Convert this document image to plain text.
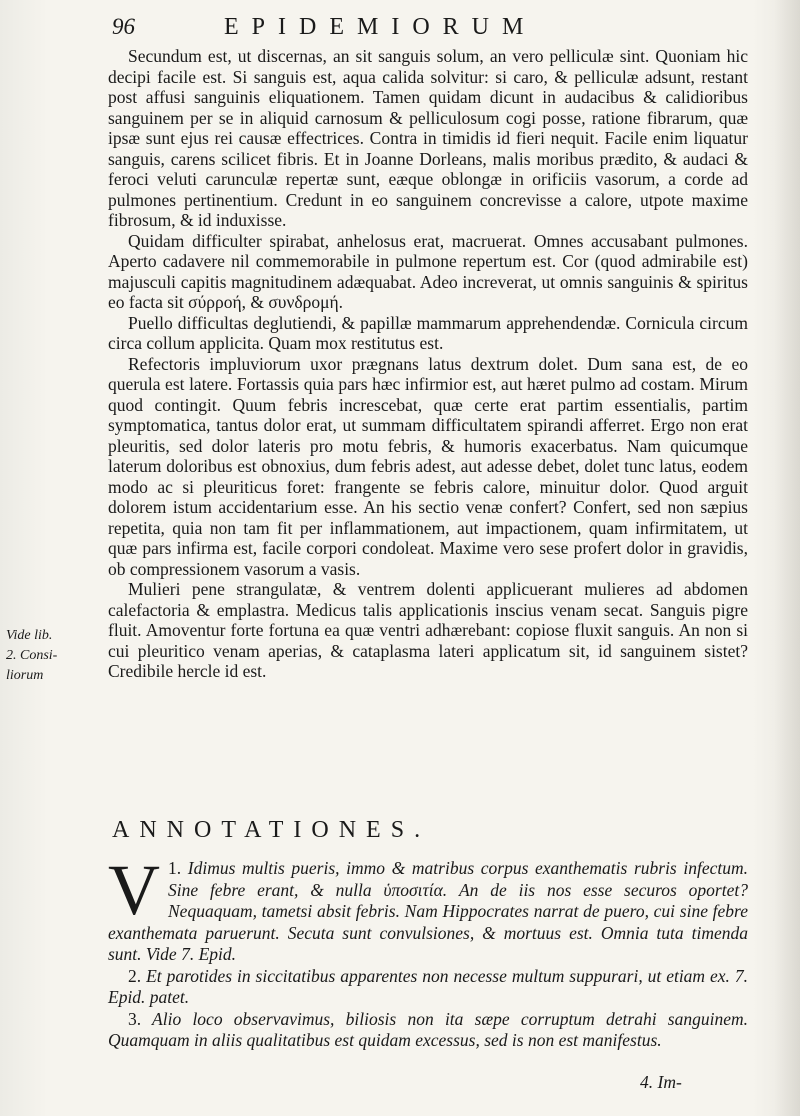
96	EPIDEMIORUM
Vide lib.
2. Consi-
liorum

Secundum est, ut discernas, an sit sanguis solum, an vero pelliculæ sint. Quoniam hic decipi facile est. Si sanguis est, aqua calida solvitur: si caro, & pelliculæ adsunt, restant post affusi sanguinis eliquationem. Tamen quidam dicunt in audacibus & calidioribus sanguinem per se in aliquid carnosum & pelliculosum cogi posse, ratione fibrarum, quæ ipsæ sunt ejus rei causæ effectrices. Contra in timidis id fieri nequit. Facile enim liquatur sanguis, carens scilicet fibris. Et in Joanne Dorleans, malis moribus prædito, & audaci & feroci veluti carunculæ repertæ sunt, eæque oblongæ in orificiis vasorum, a corde ad pulmones pertinentium. Credunt in eo sanguinem concrevisse a calore, utpote maxime fibrosum, & id induxisse.

Quidam difficulter spirabat, anhelosus erat, macruerat. Omnes accusabant pulmones. Aperto cadavere nil commemorabile in pulmone repertum est. Cor (quod admirabile est) majusculi capitis magnitudinem adæquabat. Adeo increverat, ut omnis sanguinis & spiritus eo facta sit σύρροή, & συνδρομή.

Puello difficultas deglutiendi, & papillæ mammarum apprehendendæ. Cornicula circum circa collum applicita. Quam mox restitutus est.

Refectoris impluviorum uxor prægnans latus dextrum dolet. Dum sana est, de eo querula est latere. Fortassis quia pars hæc infirmior est, aut hæret pulmo ad costam. Mirum quod contingit. Quum febris increscebat, quæ certe erat partim essentialis, partim symptomatica, tantus dolor erat, ut summam difficultatem spirandi afferret. Ergo non erat pleuritis, sed dolor lateris pro motu febris, & humoris exacerbatus. Nam quicumque laterum doloribus est obnoxius, dum febris adest, aut adesse debet, dolet tunc latus, eodem modo ac si pleuriticus foret: frangente se febris calore, minuitur dolor. Quod arguit dolorem istum accidentarium esse. An his sectio venæ confert? Confert, sed non sæpius repetita, quia non tam fit per inflammationem, aut impactionem, quam infirmitatem, ut quæ pars infirma est, facile corpori condoleat. Maxime vero sese profert dolor in gravidis, ob compressionem vasorum a vasis.

Mulieri pene strangulatæ, & ventrem dolenti applicuerant mulieres ad abdomen calefactoria & emplastra. Medicus talis applicationis inscius venam secat. Sanguis pigre fluit. Amoventur forte fortuna ea quæ ventri adhærebant: copiose fluxit sanguis. An non si cui pleuritico venam aperias, & cataplasma lateri applicatum sit, id sanguinem sistet? Credibile hercle id est.

ANNOTATIONES.

1.
V Idimus multis pueris, immo & matribus corpus exanthematis rubris infectum. Sine febre erant, & nulla ὑποσιτία. An de iis nos esse securos oportet? Nequaquam, tametsi absit febris. Nam Hippocrates narrat de puero, cui sine febre exanthemata paruerunt. Secuta sunt convulsiones, & mortuus est. Omnia tuta timenda sunt. Vide 7. Epid.

2. Et parotides in siccitatibus apparentes non necesse multum suppurari, ut etiam ex. 7. Epid. patet.

3. Alio loco observavimus, biliosis non ita sæpe corruptum detrahi sanguinem. Quamquam in aliis qualitatibus est quidam excessus, sed is non est manifestus.

4. Im-
